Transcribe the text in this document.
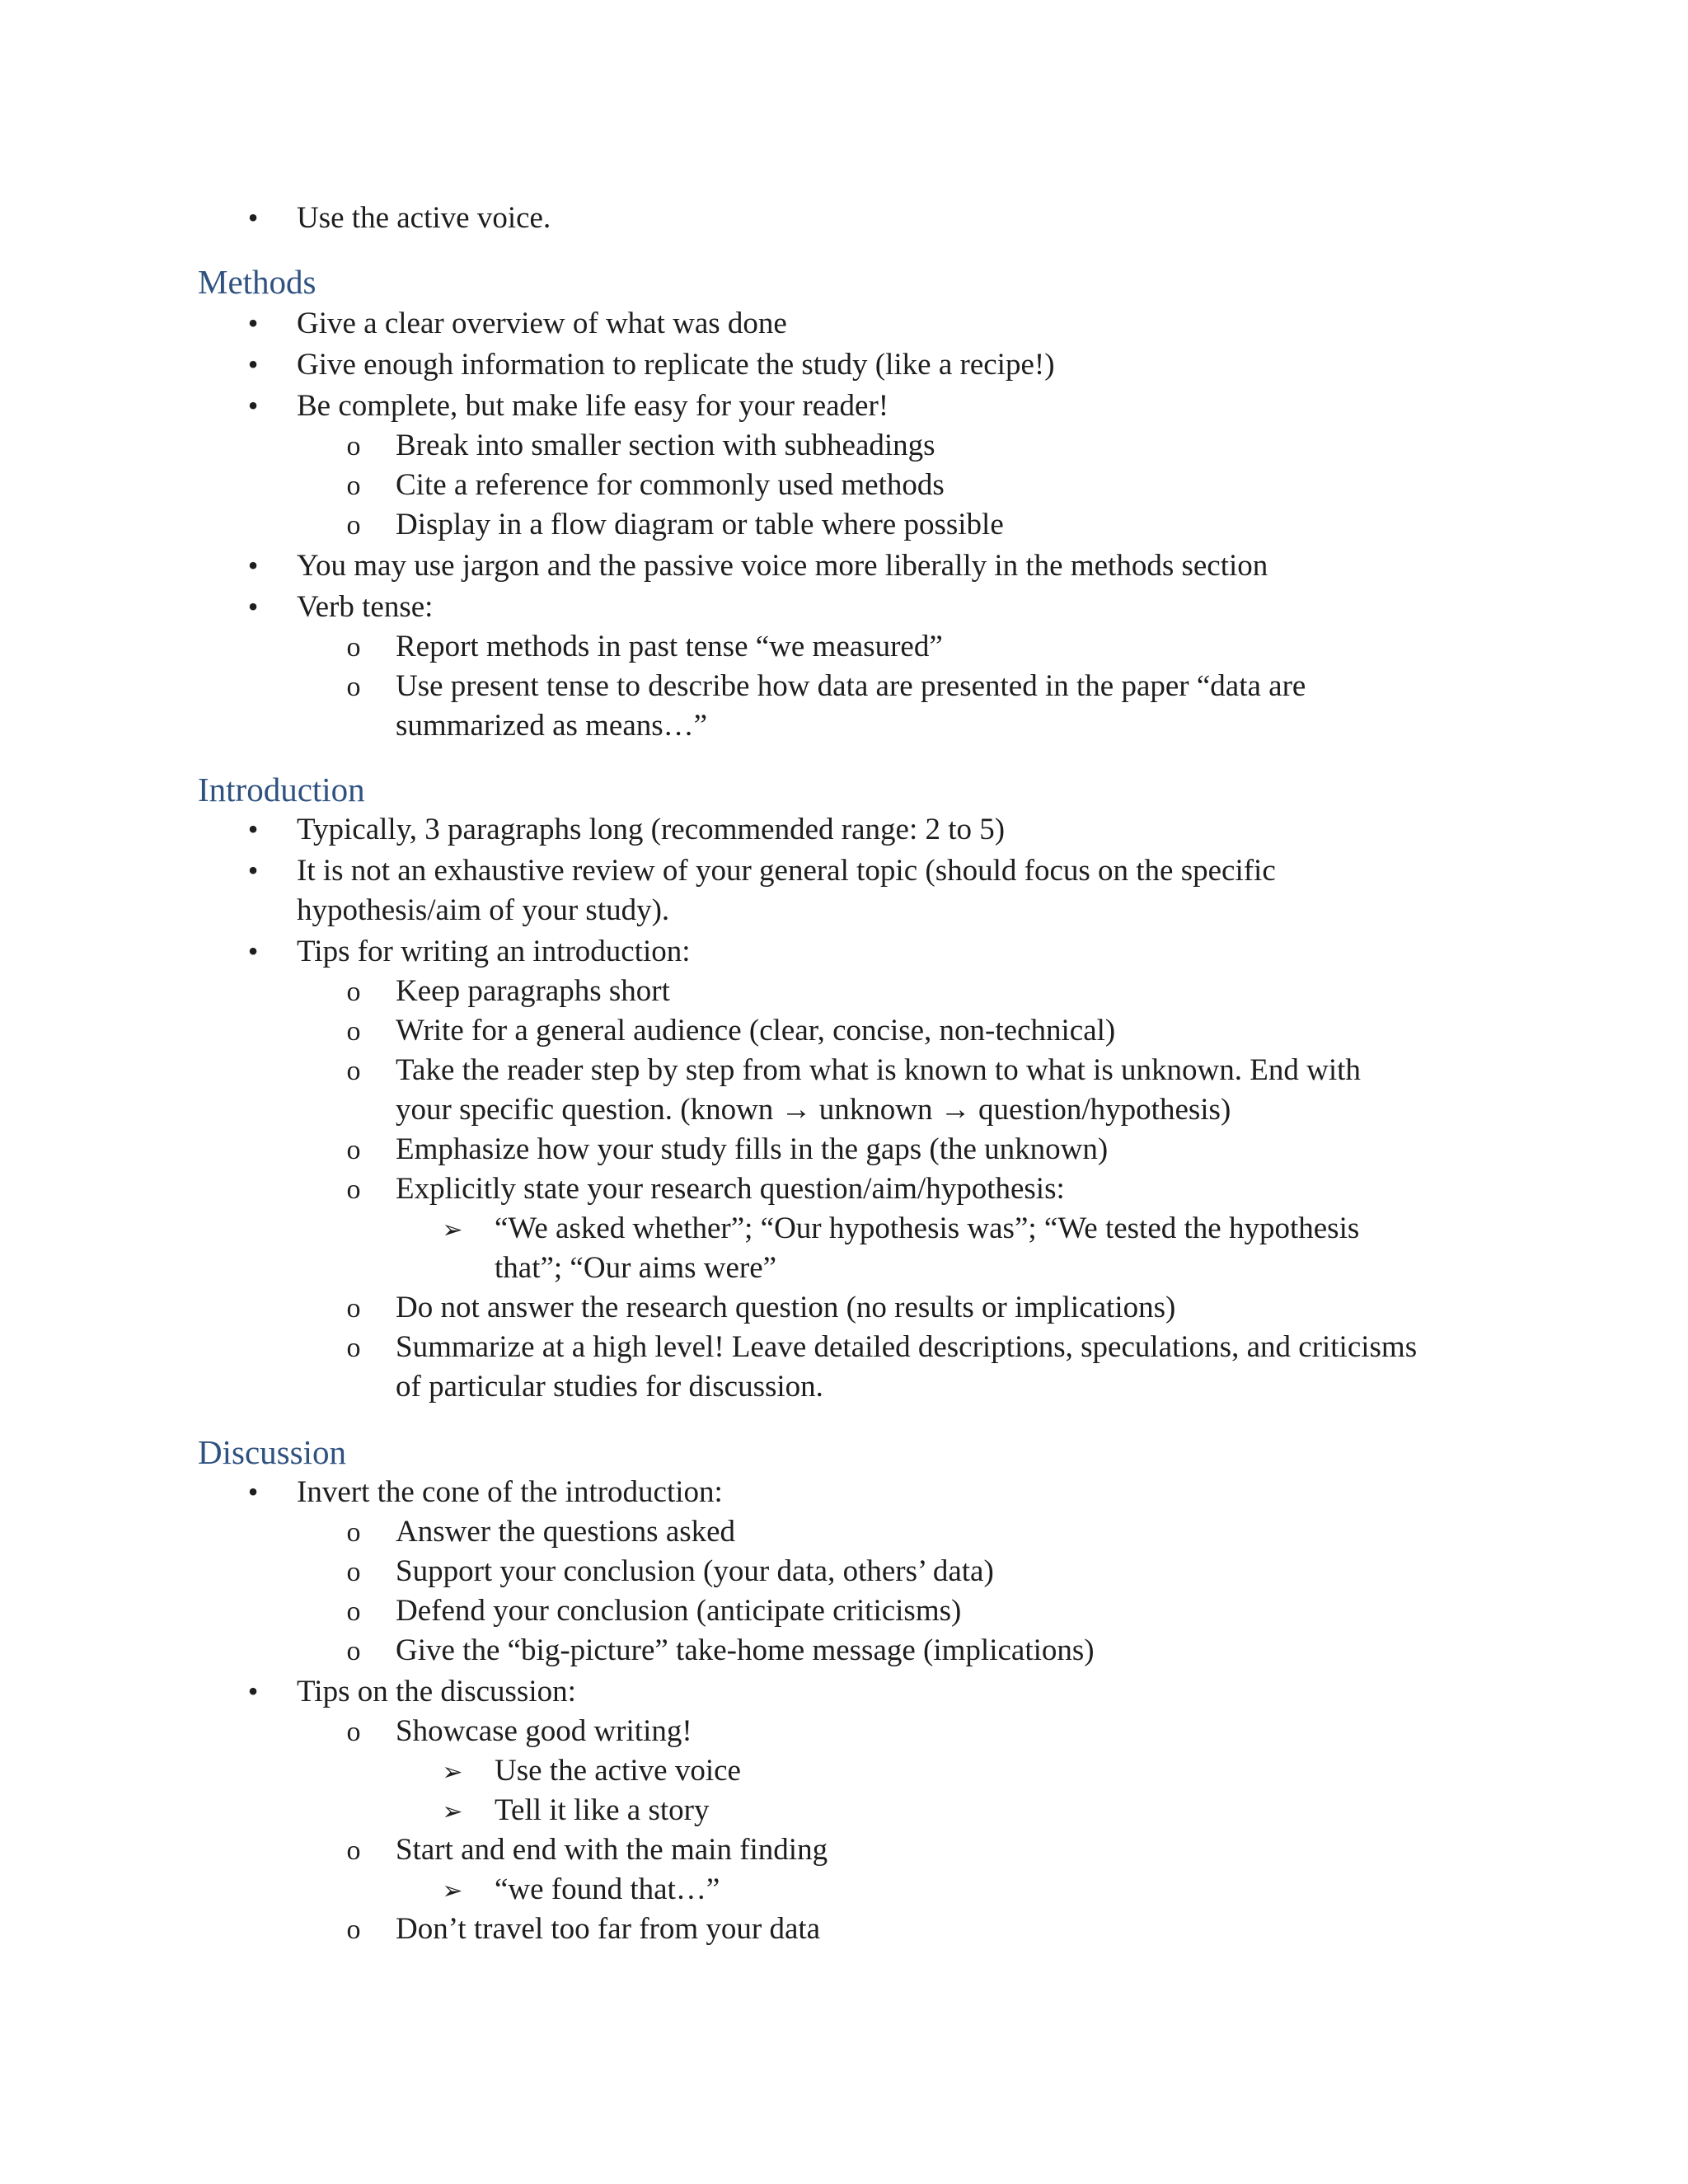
• Use the active voice.
Methods
• Give a clear overview of what was done
• Give enough information to replicate the study (like a recipe!)
• Be complete, but make life easy for your reader!
o Break into smaller section with subheadings
o Cite a reference for commonly used methods
o Display in a flow diagram or table where possible
• You may use jargon and the passive voice more liberally in the methods section
• Verb tense:
o Report methods in past tense “we measured”
o Use present tense to describe how data are presented in the paper “data are
summarized as means…”
Introduction
• Typically, 3 paragraphs long (recommended range: 2 to 5)
• It is not an exhaustive review of your general topic (should focus on the specific
hypothesis/aim of your study).
• Tips for writing an introduction:
o Keep paragraphs short
o Write for a general audience (clear, concise, non-technical)
o Take the reader step by step from what is known to what is unknown. End with
your specific question. (known → unknown → question/hypothesis)
o Emphasize how your study fills in the gaps (the unknown)
o Explicitly state your research question/aim/hypothesis:
➢ “We asked whether”; “Our hypothesis was”; “We tested the hypothesis
that”; “Our aims were”
o Do not answer the research question (no results or implications)
o Summarize at a high level! Leave detailed descriptions, speculations, and criticisms
of particular studies for discussion.
Discussion
• Invert the cone of the introduction:
o Answer the questions asked
o Support your conclusion (your data, others’ data)
o Defend your conclusion (anticipate criticisms)
o Give the “big-picture” take-home message (implications)
• Tips on the discussion:
o Showcase good writing!
➢ Use the active voice
➢ Tell it like a story
o Start and end with the main finding
➢ “we found that…”
o Don’t travel too far from your data
